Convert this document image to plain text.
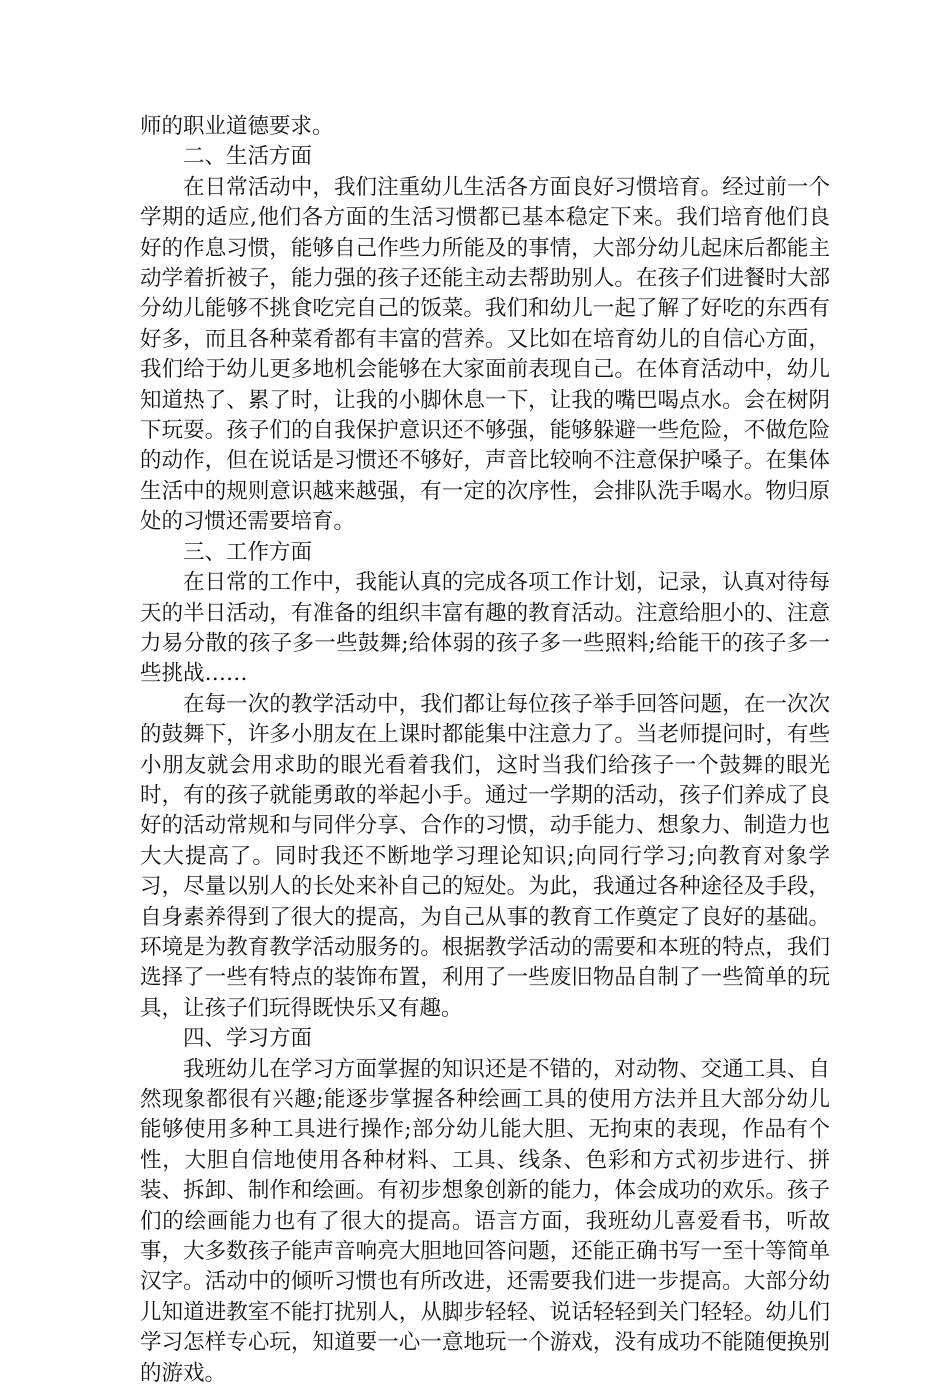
师的职业道德要求。

二、生活方面

在日常活动中，我们注重幼儿生活各方面良好习惯培育。经过前一个学期的适应,他们各方面的生活习惯都已基本稳定下来。我们培育他们良好的作息习惯，能够自己作些力所能及的事情，大部分幼儿起床后都能主动学着折被子，能力强的孩子还能主动去帮助别人。在孩子们进餐时大部分幼儿能够不挑食吃完自己的饭菜。我们和幼儿一起了解了好吃的东西有好多，而且各种菜肴都有丰富的营养。又比如在培育幼儿的自信心方面，我们给于幼儿更多地机会能够在大家面前表现自己。在体育活动中，幼儿知道热了、累了时，让我的小脚休息一下，让我的嘴巴喝点水。会在树阴下玩耍。孩子们的自我保护意识还不够强，能够躲避一些危险，不做危险的动作，但在说话是习惯还不够好，声音比较响不注意保护嗓子。在集体生活中的规则意识越来越强，有一定的次序性，会排队洗手喝水。物归原处的习惯还需要培育。

三、工作方面

在日常的工作中，我能认真的完成各项工作计划，记录，认真对待每天的半日活动，有准备的组织丰富有趣的教育活动。注意给胆小的、注意力易分散的孩子多一些鼓舞;给体弱的孩子多一些照料;给能干的孩子多一些挑战……

在每一次的教学活动中，我们都让每位孩子举手回答问题，在一次次的鼓舞下，许多小朋友在上课时都能集中注意力了。当老师提问时，有些小朋友就会用求助的眼光看着我们，这时当我们给孩子一个鼓舞的眼光时，有的孩子就能勇敢的举起小手。通过一学期的活动，孩子们养成了良好的活动常规和与同伴分享、合作的习惯，动手能力、想象力、制造力也大大提高了。同时我还不断地学习理论知识;向同行学习;向教育对象学习，尽量以别人的长处来补自己的短处。为此，我通过各种途径及手段，自身素养得到了很大的提高，为自己从事的教育工作奠定了良好的基础。环境是为教育教学活动服务的。根据教学活动的需要和本班的特点，我们选择了一些有特点的装饰布置，利用了一些废旧物品自制了一些简单的玩具，让孩子们玩得既快乐又有趣。

四、学习方面

我班幼儿在学习方面掌握的知识还是不错的，对动物、交通工具、自然现象都很有兴趣;能逐步掌握各种绘画工具的使用方法并且大部分幼儿能够使用多种工具进行操作;部分幼儿能大胆、无拘束的表现，作品有个性，大胆自信地使用各种材料、工具、线条、色彩和方式初步进行、拼装、拆卸、制作和绘画。有初步想象创新的能力，体会成功的欢乐。孩子们的绘画能力也有了很大的提高。语言方面，我班幼儿喜爱看书，听故事，大多数孩子能声音响亮大胆地回答问题，还能正确书写一至十等简单汉字。活动中的倾听习惯也有所改进，还需要我们进一步提高。大部分幼儿知道进教室不能打扰别人，从脚步轻轻、说话轻轻到关门轻轻。幼儿们学习怎样专心玩，知道要一心一意地玩一个游戏，没有成功不能随便换别的游戏。
